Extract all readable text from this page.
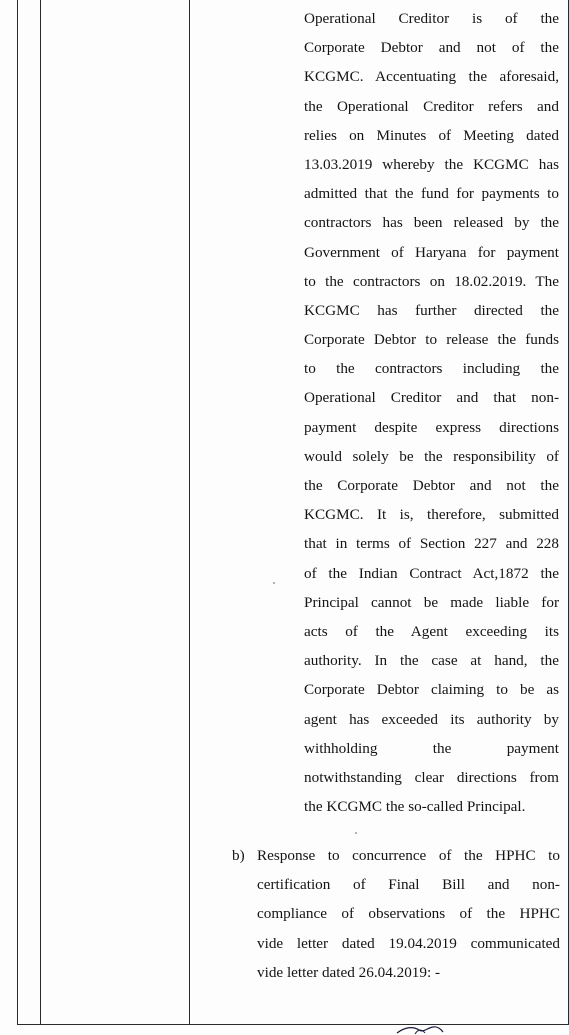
Operational Creditor is of the
Corporate Debtor and not of the
KCGMC. Accentuating the aforesaid,
the Operational Creditor refers and
relies on Minutes of Meeting dated
13.03.2019 whereby the KCGMC has
admitted that the fund for payments to
contractors has been released by the
Government of Haryana for payment
to the contractors on 18.02.2019. The
KCGMC has further directed the
Corporate Debtor to release the funds
to the contractors including the
Operational Creditor and that non-
payment despite express directions
would solely be the responsibility of
the Corporate Debtor and not the
KCGMC. It is, therefore, submitted
that in terms of Section 227 and 228
of the Indian Contract Act,1872 the
Principal cannot be made liable for
acts of the Agent exceeding its
authority. In the case at hand, the
Corporate Debtor claiming to be as
agent has exceeded its authority by
withholding the payment
notwithstanding clear directions from
the KCGMC the so-called Principal.
b) Response to concurrence of the HPHC to
certification of Final Bill and non-
compliance of observations of the HPHC
vide letter dated 19.04.2019 communicated
vide letter dated 26.04.2019: -
